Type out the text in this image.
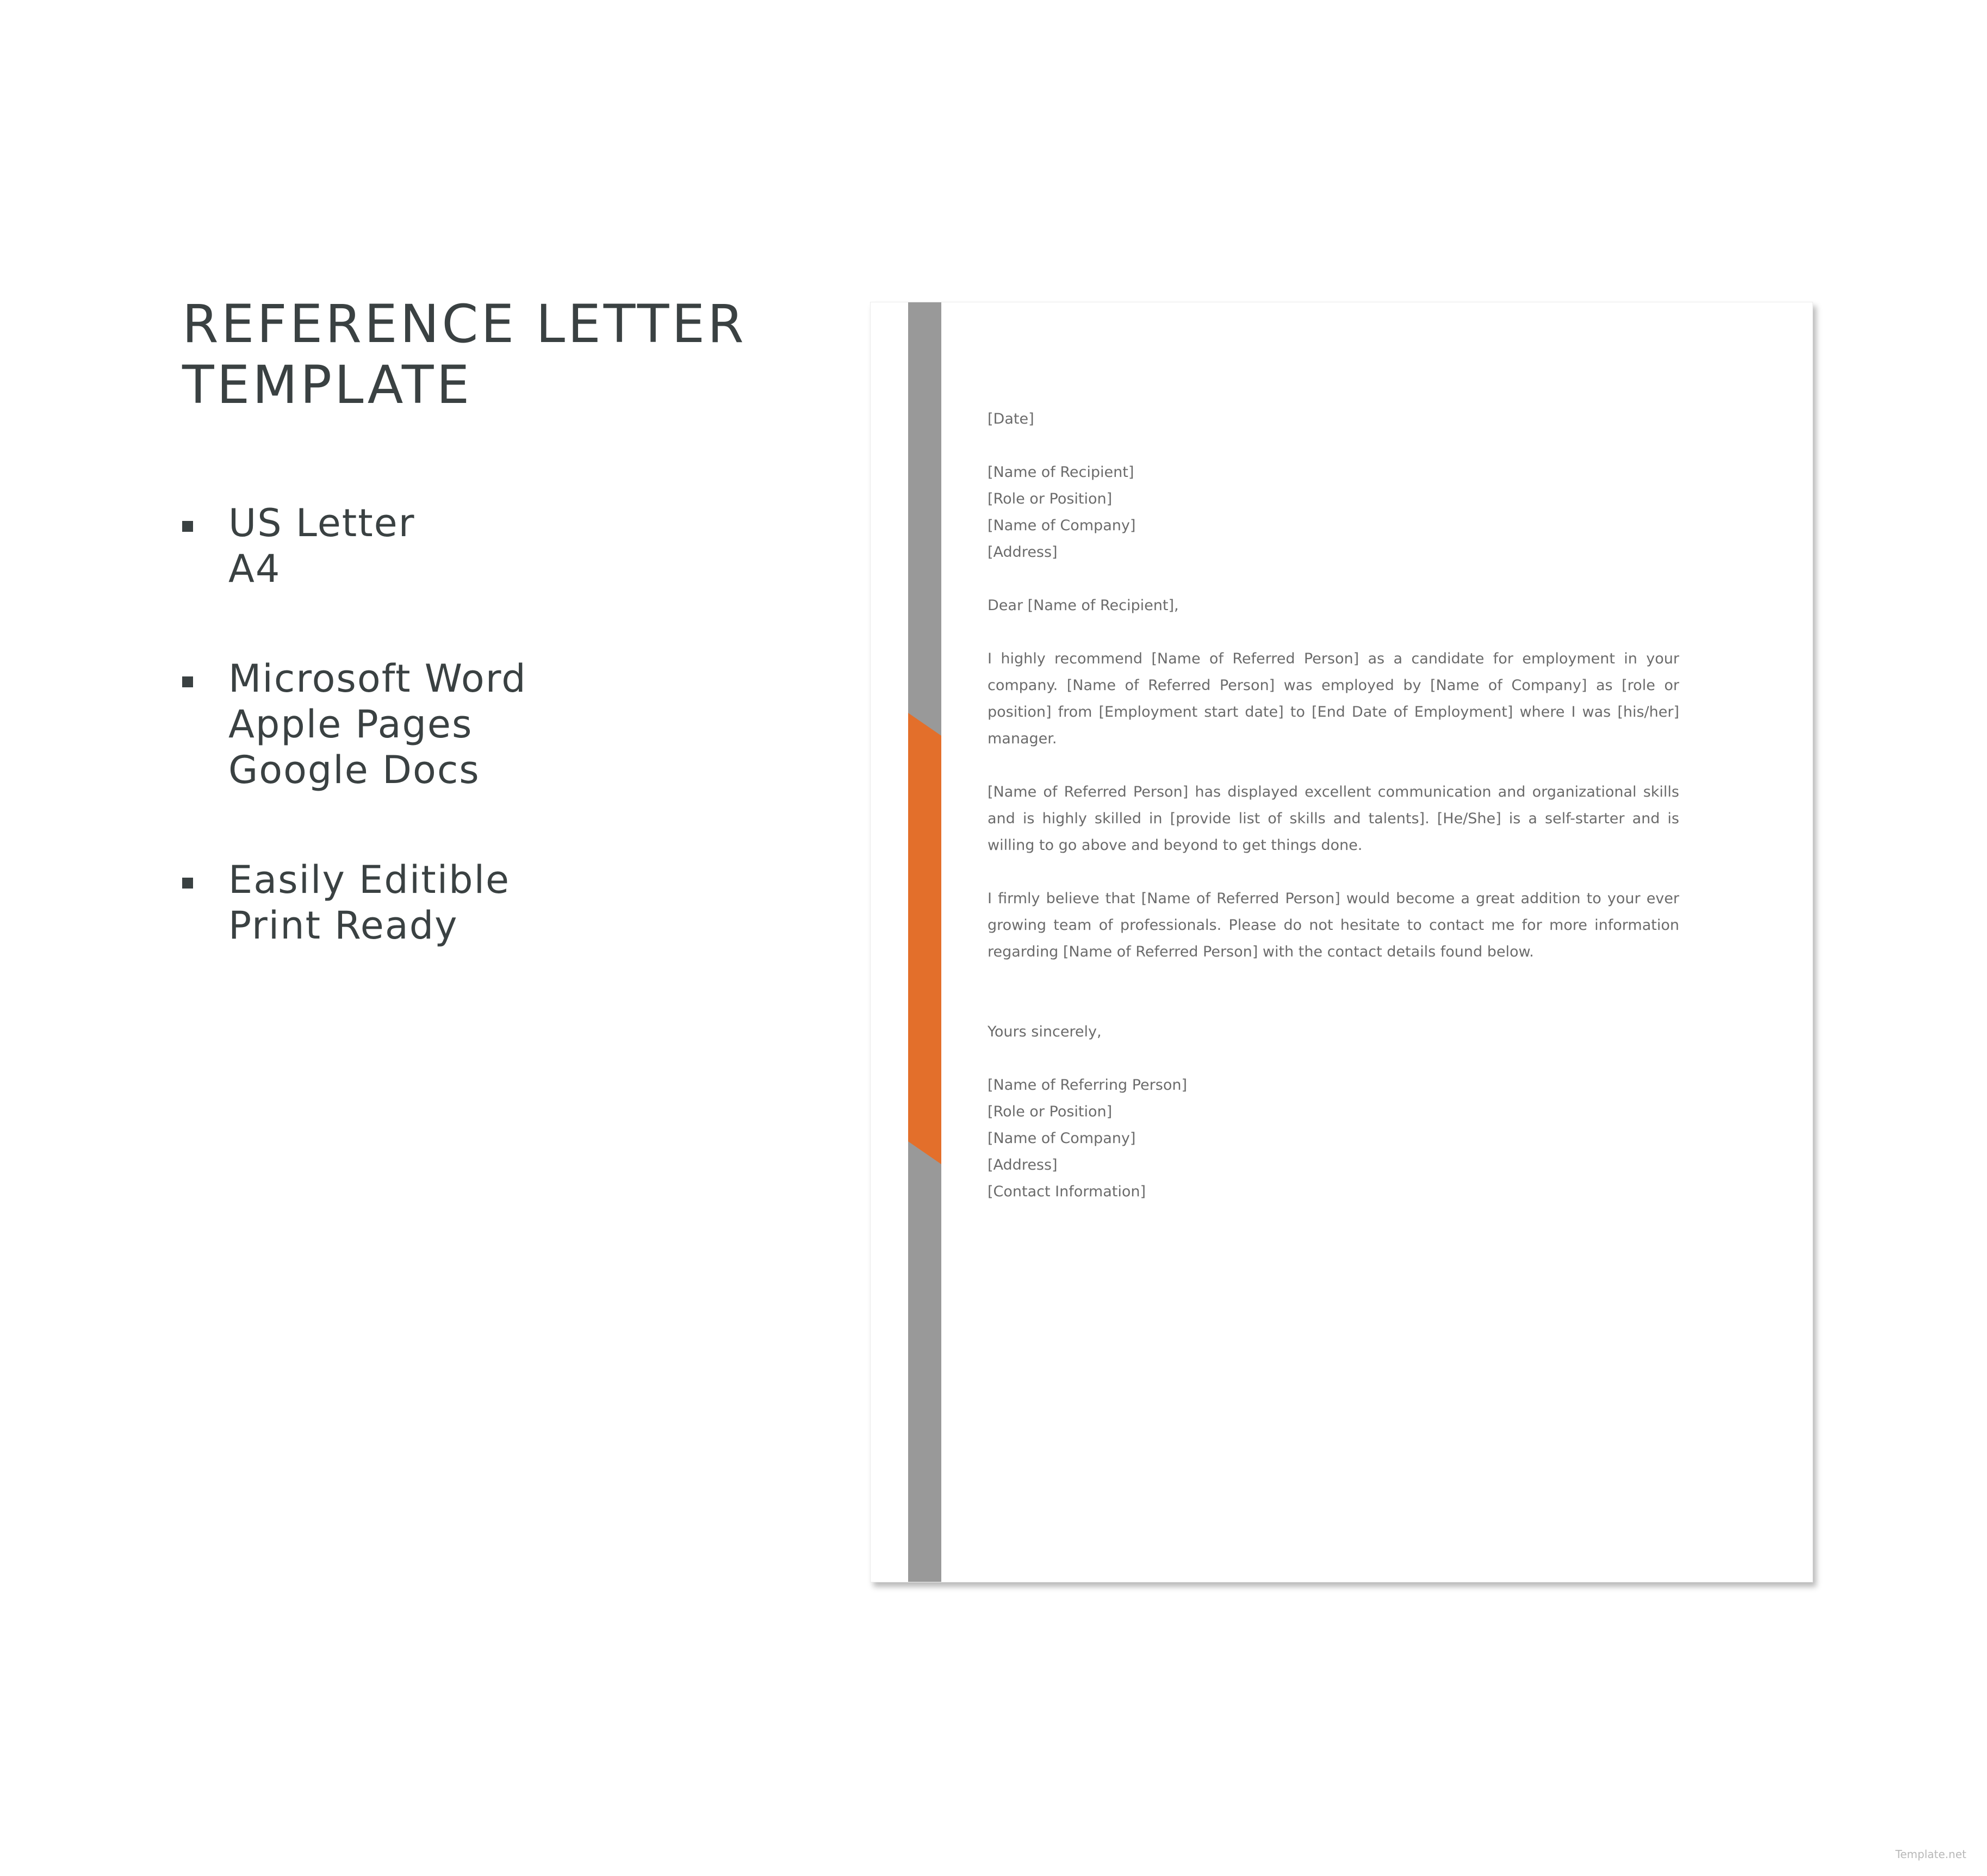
REFERENCE LETTER
TEMPLATE
US Letter
A4
Microsoft Word
Apple Pages
Google Docs
Easily Editible
Print Ready

[Date]

[Name of Recipient]

[Role or Position]

[Name of Company]

[Address]

Dear [Name of Recipient],

I highly recommend [Name of Referred Person] as a candidate for employment in your company. [Name of Referred Person] was employed by [Name of Company] as [role or position] from [Employment start date] to [End Date of Employment] where I was [his/her] manager.

[Name of Referred Person] has displayed excellent communication and organizational skills and is highly skilled in [provide list of skills and talents]. [He/She] is a self-starter and is willing to go above and beyond to get things done.

I firmly believe that [Name of Referred Person] would become a great addition to your ever growing team of professionals. Please do not hesitate to contact me for more information regarding [Name of Referred Person] with the contact details found below.

Yours sincerely,

[Name of Referring Person]

[Role or Position]

[Name of Company]

[Address]

[Contact Information]

Template.net
